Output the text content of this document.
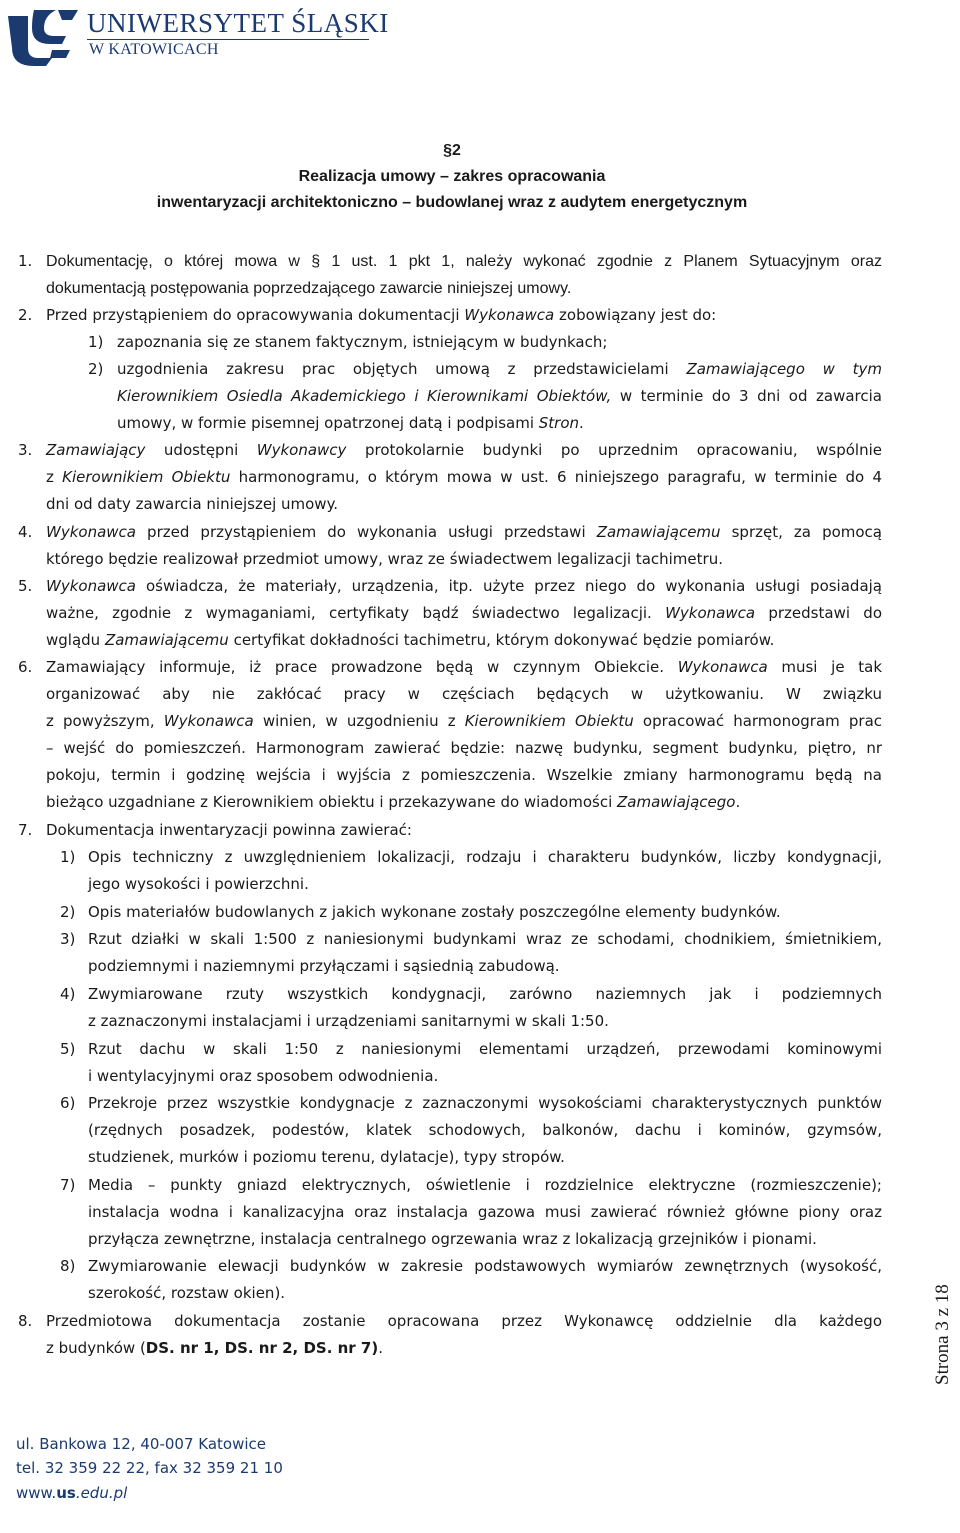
UNIWERSYTET ŚLĄSKI
W KATOWICACH
§2
Realizacja umowy – zakres opracowania
inwentaryzacji architektoniczno – budowlanej wraz z audytem energetycznym
1. Dokumentację, o której mowa w § 1 ust. 1 pkt 1, należy wykonać zgodnie z Planem Sytuacyjnym oraz
dokumentacją postępowania poprzedzającego zawarcie niniejszej umowy.
2. Przed przystąpieniem do opracowywania dokumentacji Wykonawca zobowiązany jest do:
1) zapoznania się ze stanem faktycznym, istniejącym w budynkach;
2) uzgodnienia zakresu prac objętych umową z przedstawicielami Zamawiającego w tym
Kierownikiem Osiedla Akademickiego i Kierownikami Obiektów, w terminie do 3 dni od zawarcia
umowy, w formie pisemnej opatrzonej datą i podpisami Stron.
3. Zamawiający udostępni Wykonawcy protokolarnie budynki po uprzednim opracowaniu, wspólnie
z Kierownikiem Obiektu harmonogramu, o którym mowa w ust. 6 niniejszego paragrafu, w terminie do 4
dni od daty zawarcia niniejszej umowy.
4. Wykonawca przed przystąpieniem do wykonania usługi przedstawi Zamawiającemu sprzęt, za pomocą
którego będzie realizował przedmiot umowy, wraz ze świadectwem legalizacji tachimetru.
5. Wykonawca oświadcza, że materiały, urządzenia, itp. użyte przez niego do wykonania usługi posiadają
ważne, zgodnie z wymaganiami, certyfikaty bądź świadectwo legalizacji. Wykonawca przedstawi do
wglądu Zamawiającemu certyfikat dokładności tachimetru, którym dokonywać będzie pomiarów.
6. Zamawiający informuje, iż prace prowadzone będą w czynnym Obiekcie. Wykonawca musi je tak
organizować aby nie zakłócać pracy w częściach będących w użytkowaniu. W związku
z powyższym, Wykonawca winien, w uzgodnieniu z Kierownikiem Obiektu opracować harmonogram prac
– wejść do pomieszczeń. Harmonogram zawierać będzie: nazwę budynku, segment budynku, piętro, nr
pokoju, termin i godzinę wejścia i wyjścia z pomieszczenia. Wszelkie zmiany harmonogramu będą na
bieżąco uzgadniane z Kierownikiem obiektu i przekazywane do wiadomości Zamawiającego.
7. Dokumentacja inwentaryzacji powinna zawierać:
1) Opis techniczny z uwzględnieniem lokalizacji, rodzaju i charakteru budynków, liczby kondygnacji,
jego wysokości i powierzchni.
2) Opis materiałów budowlanych z jakich wykonane zostały poszczególne elementy budynków.
3) Rzut działki w skali 1:500 z naniesionymi budynkami wraz ze schodami, chodnikiem, śmietnikiem,
podziemnymi i naziemnymi przyłączami i sąsiednią zabudową.
4) Zwymiarowane rzuty wszystkich kondygnacji, zarówno naziemnych jak i podziemnych
z zaznaczonymi instalacjami i urządzeniami sanitarnymi w skali 1:50.
5) Rzut dachu w skali 1:50 z naniesionymi elementami urządzeń, przewodami kominowymi
i wentylacyjnymi oraz sposobem odwodnienia.
6) Przekroje przez wszystkie kondygnacje z zaznaczonymi wysokościami charakterystycznych punktów
(rzędnych posadzek, podestów, klatek schodowych, balkonów, dachu i kominów, gzymsów,
studzienek, murków i poziomu terenu, dylatacje), typy stropów.
7) Media – punkty gniazd elektrycznych, oświetlenie i rozdzielnice elektryczne (rozmieszczenie);
instalacja wodna i kanalizacyjna oraz instalacja gazowa musi zawierać również główne piony oraz
przyłącza zewnętrzne, instalacja centralnego ogrzewania wraz z lokalizacją grzejników i pionami.
8) Zwymiarowanie elewacji budynków w zakresie podstawowych wymiarów zewnętrznych (wysokość,
szerokość, rozstaw okien).
8. Przedmiotowa dokumentacja zostanie opracowana przez Wykonawcę oddzielnie dla każdego
z budynków (DS. nr 1, DS. nr 2, DS. nr 7).	Strona 3 z 18
ul. Bankowa 12, 40-007 Katowice
tel. 32 359 22 22, fax 32 359 21 10
www.us.edu.pl
